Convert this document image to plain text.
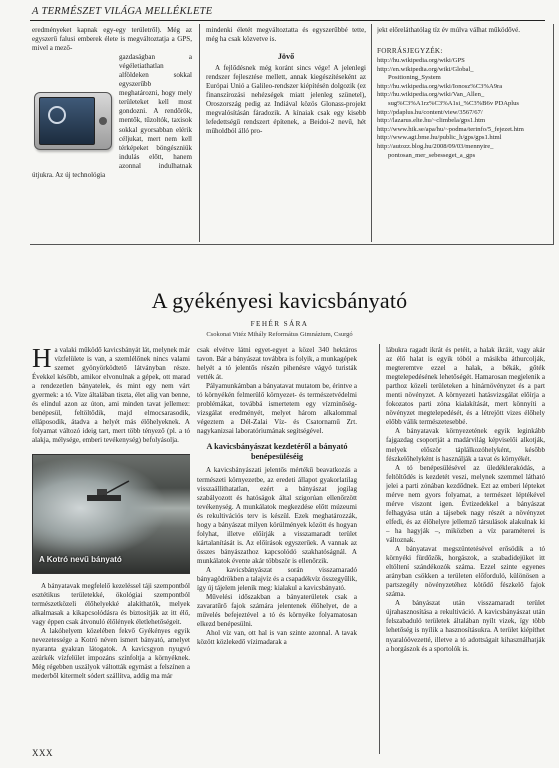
A TERMÉSZET VILÁGA MELLÉKLETE

eredményeket kapnak egy-egy területről). Még az egyszerű falusi emberek élete is megváltoztatja a GPS, mivel a mező-

gazdaságban a végéletiathatlan alföldeken sokkal egyszerűbb meghatározni, hogy mely területeket kell most gondozni. A rendőrök, mentők, tűzoltók, taxisok sokkal gyorsabban elérik céljukat, mert nem kell térképeket böngészniük indulás előtt, hanem azonnal indulhatnak útjukra. Az új technológia

mindenki életét megváltoztatta és egyszerűbbé tette, még ha csak közvetve is.

Jövő

A fejlődésnek még koránt sincs vége! A jelenlegi rendszer fejlesztése mellett, annak kiegészítéseként az Európai Unió a Galileo-rendszer kiépítésén dolgozik (ez finanszírozási nehézségek miatt jelenleg szünetel), Oroszország pedig az Indiával közös Glonass-projekt megvalósításán fáradozik. A kínaiak csak egy kisebb lefedettségű rendszert építenek, a Beidoi-2 nevű, hét műholdból álló pro-

jekt előreláthatólag tíz év múlva válhat működővé.

FORRÁSJEGYZÉK:
http://hu.wikipedia.org/wiki/GPS
http://en.wikipedia.org/wiki/Global_
Positioning_System
http://hu.wikipedia.org/wiki/Ionosz%C3%A9ra
http://hu.wikipedia.org/wiki/Van_Allen_
sug%C3%A1rz%C3%A1si_%C3%B6v PDAplus
http://pdaplus.hu/content/view/3567/67/
http://lazarus.elte.hu/~climbela/gps1.htm
http://www.hik.se/apa/hu/~podma/terinfo/5_fejezet.htm
http://www.agt.bme.hu/public_h/gps/gps1.html
http://autozz.blog.hu/2008/09/03/mennyire_
pontosan_mer_sebesseget_a_gps
A gyékényesi kavicsbányató
FEHÉR SÁRA
Csokonai Vitéz Mihály Református Gimnázium, Csurgó

Ha valaki működő kavicsbányát lát, melynek már vízfelülete is van, a szemlélőnek nincs valami szemet gyönyörködtető látványban része. Évekkel később, amikor elvonulnak a gépek, ott marad a rendezetlen bányatelek, és mint egy nem várt gyermek: a tó. Vize általában tiszta, élet alig van benne, és elindul azon az úton, ami minden tavat jellemez: benépesül, feltöltődik, majd elmocsarasodik, elláposodik, átadva a helyét más élőhelyeknek. A folyamat változó ideig tart, mert több tényező (pl. a tó alakja, mélysége, emberi tevékenység) befolyásolja.

A Kotró nevű bányató

A bányatavak megfelelő kezeléssel táji szempontból esztétikus területekké, ökológiai szempontból természetközeli élőhelyekké alakíthatók, melyek alkalmasak a kikapcsolódásra és biztosítják az itt élő, vagy éppen csak átvonuló élőlények életlehetőségeit.

A lakóhelyem közelében fekvő Gyékényes egyik nevezetessége a Kotró néven ismert bányató, amelyet nyaranta gyakran látogatok. A kavicsgyon nyugvó azúrkék vízfelület impozáns színfoltja a környéknek. Még régebben uszályok váltották egymást a felszínen a mederből kitermelt sódert szállítva, addig ma már

csak elvétve látni egyet-egyet a közel 340 hektáros tavon. Bár a bányászat továbbra is folyik, a munkagépek helyét a tó jelentős részén pihenésre vágyó turisták vették át.

Pályamunkámban a bányatavat mutatom be, érintve a tó környékén felmerülő környezet- és természetvédelmi problémákat, továbbá ismertetem egy vízminőség-vizsgálat eredményét, melyet három alkalommal végeztem a Dél-Zalai Víz- és Csatornamű Zrt. nagykanizsai laboratóriumának segítségével.

A kavicsbányászat kezdetéről a bányató benépesüléséig

A kavicsbányászati jelentős mértékű beavatkozás a természeti környezetbe, az eredeti állapot gyakorlatilag visszaállíthatatlan, ezért a bányászat jogilag szabályozott és hatóságok által szigorúan ellenőrzött tevékenység. A munkálatok megkezdése előtt múzeumi és rekultivációs terv is készül. Ezek meghatározzák, hogy a bányászat milyen körülmények között és hogyan folyhat, illetve előírják a visszamaradt terület kártalanítását is. Az előírások egyszerűek. A vannak az összes bányászathoz kapcsolódó szakhatóságnál. A munkálatok évente akár többször is ellenőrzik.

A kavicsbányászat során visszamaradó bányagödrökben a talajvíz és a csapadékvíz összegyűlik, így új tájelem jelenik meg: kialakul a kavicsbányató.

Művelési időszakban a bányaterületek csak a zavaratűrő fajok számára jelentenek élőhelyet, de a művelés befejeztével a tó és környéke folyamatosan elkezd benépesülni.

Ahol víz van, ott hal is van szinte azonnal. A tavak között közlekedő vízimadarak a

lábukra ragadt ikrát és petéit, a halak ikráit, vagy akár az élő halat is egyik tóból a másikba áthurcolják, megteremtve ezzel a halak, a békák, gőték megtelepedésének lehetőségét. Hamarosan megjelenik a parthoz közeli területeken a hínárnövényzet és a part menti növényzet. A környezeti hatásvizsgálat előírja a fokozatos parti zóna kialakítását, mert könnyíti a növényzet megtelepedését, és a létrejött vizes élőhely előbb válik természetesebbé.

A bányatavak környezetének egyik leginkább fajgazdag csoportját a madárvilág képviselői alkotják, melyek először táplálkozóhelyként, később fészkelőhelyként is használják a tavat és környékét.

A tó benépesülésével az üledéklerakódás, a feltöltődés is kezdetét veszi, melynek szemmel látható jelei a parti zónában kezdődnek. Ezt az emberi lépteket mérve nem gyors folyamat, a természet léptékével mérve viszont igen. Évtizedekkel a bányászat felhagyása után a tájsebek nagy részét a növényzet elfedi, és az élőhelyre jellemző társulások alakulnak ki – ha hagyják –, miközben a víz paraméterei is változnak.

A bányatavat megszüntetésével erősödik a tó környéki fürdőzők, horgászok, a szabadidejüket itt eltöltení szándékozók száma. Ezzel szinte egyenes arányban csökken a területen előforduló, különösen a partszegély növényzetéhez kötődő fészkelő fajok száma.

A bányászat után visszamaradt terület újrahasznosítása a rekultiváció. A kavicsbányászat után felszabaduló területek általában nyílt vizek, így több lehetőség is nyílik a hasznosításukra. A terület kiépíthet nyaralóövezetté, illetve a tó adottságait kihasználhatják a horgászok és a sportolók is.

XXX
